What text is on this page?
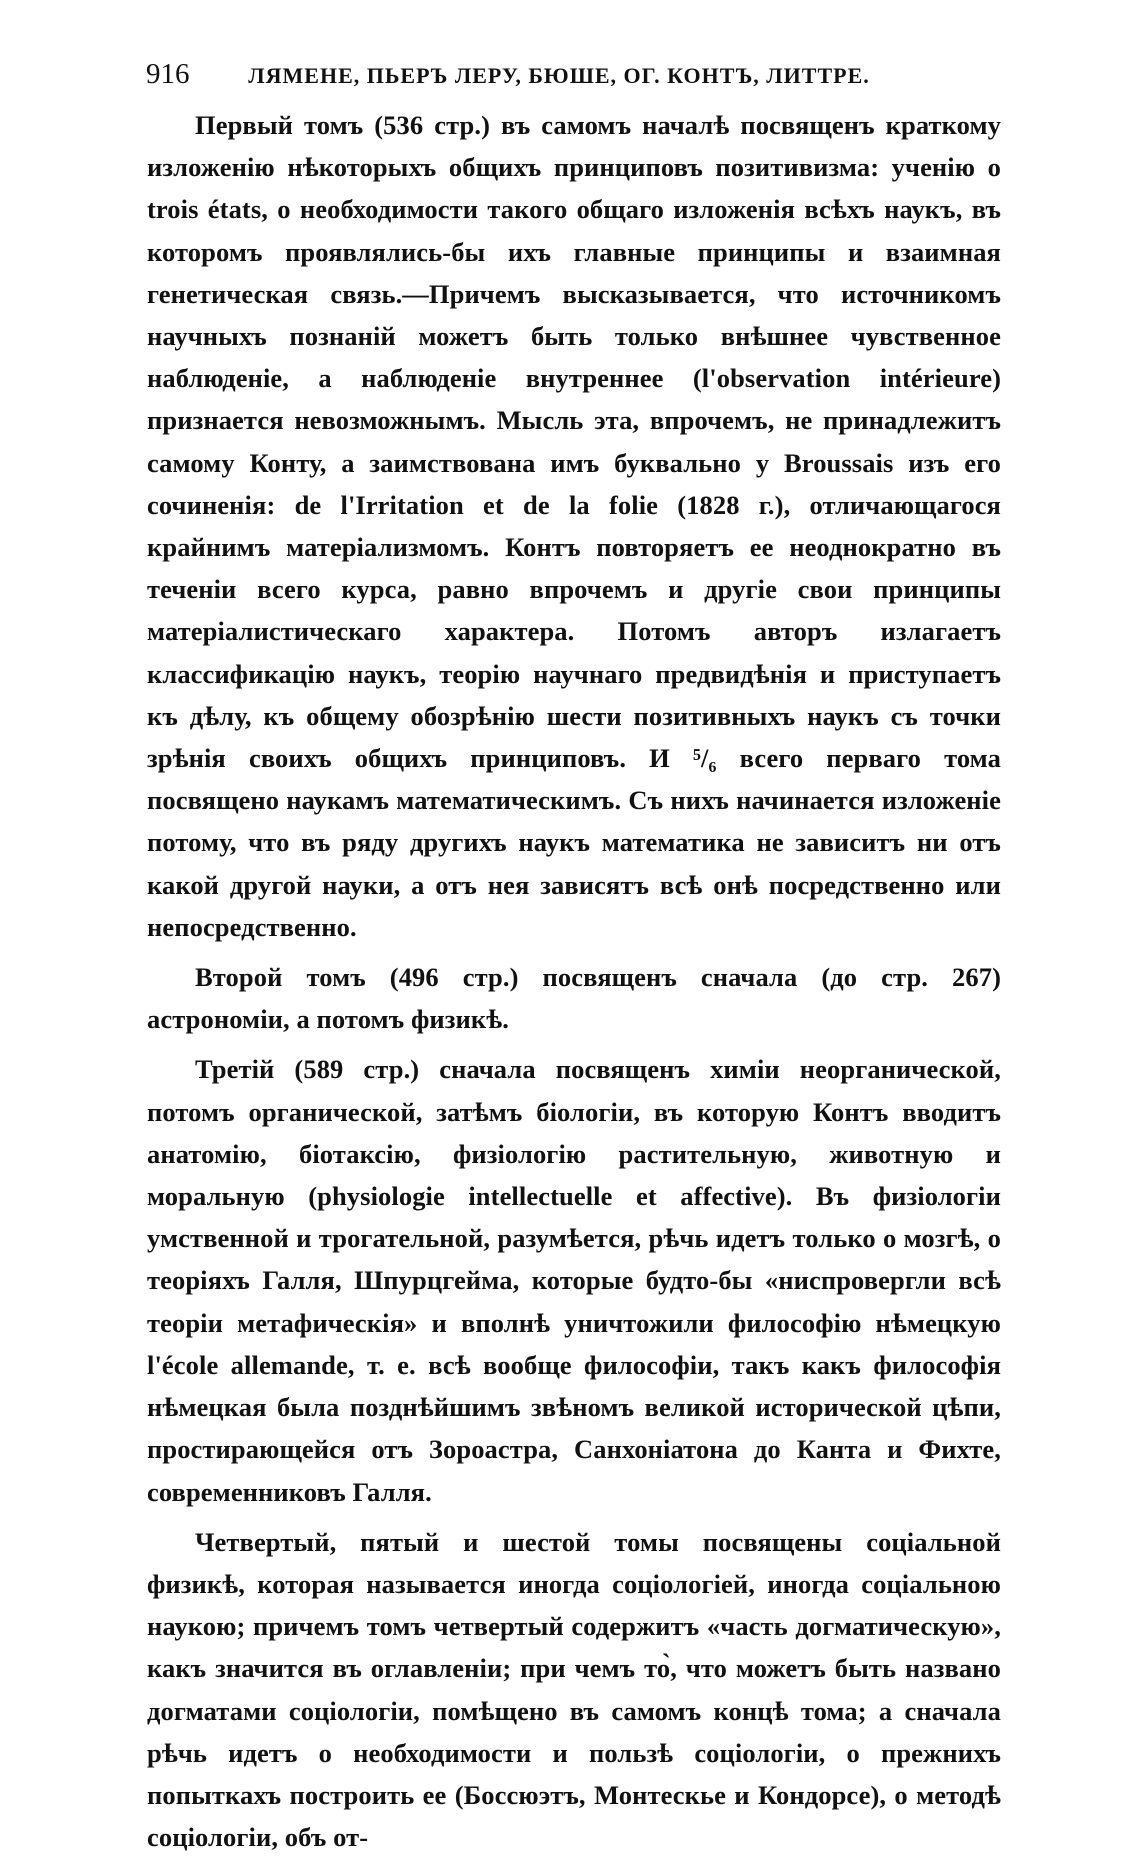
916	ЛЯМЕНЕ, ПЬЕРЪ ЛЕРУ, БЮШЕ, ОГ. КОНТЪ, ЛИТТРЕ.

Первый томъ (536 стр.) въ самомъ началѣ посвященъ краткому изложенію нѣкоторыхъ общихъ принциповъ позитивизма: ученію о trois états, о необходимости такого общаго изложенія всѣхъ наукъ, въ которомъ проявлялись-бы ихъ главные принципы и взаимная генетическая связь.—Причемъ высказывается, что источникомъ научныхъ познаній можетъ быть только внѣшнее чувственное наблюденіе, а наблюденіе внутреннее (l'observation intérieure) признается невозможнымъ. Мысль эта, впрочемъ, не принадлежитъ самому Конту, а заимствована имъ буквально у Broussais изъ его сочиненія: de l'Irritation et de la folie (1828 г.), отличающагося крайнимъ матеріализмомъ. Контъ повторяетъ ее неоднократно въ теченіи всего курса, равно впрочемъ и другіе свои принципы матеріалистическаго характера. Потомъ авторъ излагаетъ классификацію наукъ, теорію научнаго предвидѣнія и приступаетъ къ дѣлу, къ общему обозрѣнію шести позитивныхъ наукъ съ точки зрѣнія своихъ общихъ принциповъ. И ⁵/₆ всего перваго тома посвящено наукамъ математическимъ. Съ нихъ начинается изложеніе потому, что въ ряду другихъ наукъ математика не зависитъ ни отъ какой другой науки, а отъ нея зависятъ всѣ онѣ посредственно или непосредственно.

Второй томъ (496 стр.) посвященъ сначала (до стр. 267) астрономіи, а потомъ физикѣ.

Третій (589 стр.) сначала посвященъ химіи неорганической, потомъ органической, затѣмъ біологіи, въ которую Контъ вводитъ анатомію, біотаксію, физіологію растительную, животную и моральную (physiologie intellectuelle et affective). Въ физіологіи умственной и трогательной, разумѣется, рѣчь идетъ только о мозгѣ, о теоріяхъ Галля, Шпурцгейма, которые будто-бы «ниспровергли всѣ теоріи метафическія» и вполнѣ уничтожили философію нѣмецкую l'école allemande, т. е. всѣ вообще философіи, такъ какъ философія нѣмецкая была позднѣйшимъ звѣномъ великой исторической цѣпи, простирающейся отъ Зороастра, Санхоніатона до Канта и Фихте, современниковъ Галля.

Четвертый, пятый и шестой томы посвящены соціальной физикѣ, которая называется иногда соціологіей, иногда соціальною наукою; причемъ томъ четвертый содержитъ «часть догматическую», какъ значится въ оглавленіи; при чемъ то̀, что можетъ быть названо догматами соціологіи, помѣщено въ самомъ концѣ тома; а сначала рѣчь идетъ о необходимости и пользѣ соціологіи, о прежнихъ попыткахъ построить ее (Боссюэтъ, Монтескье и Кондорсе), о методѣ соціологіи, объ от-
